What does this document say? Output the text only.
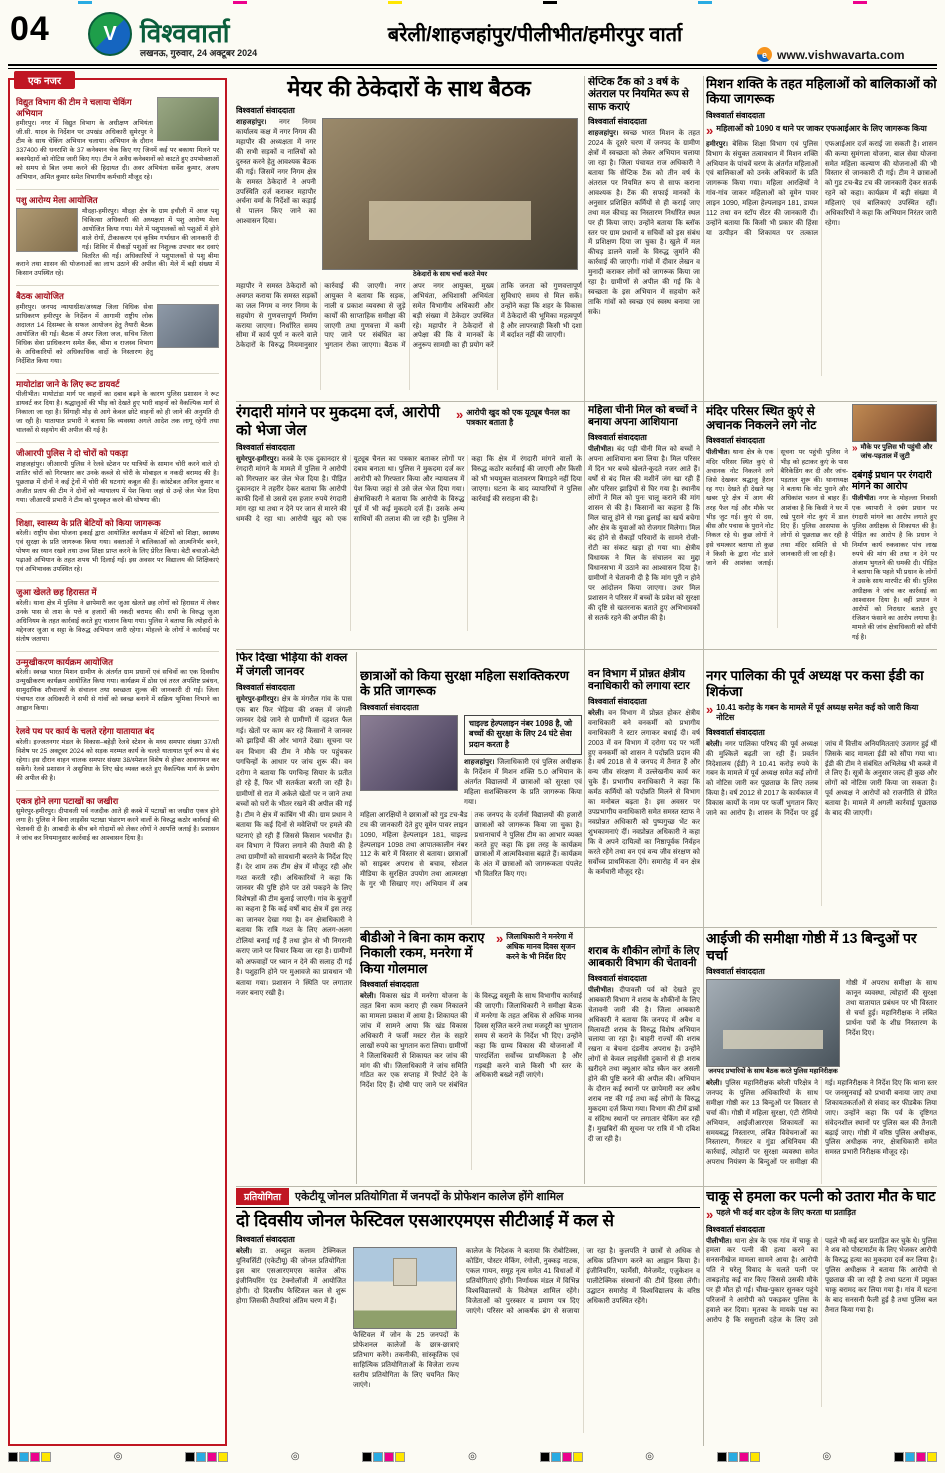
04	V विश्ववार्ता
लखनऊ, गुरुवार, 24 अक्टूबर 2024
बरेली/शाहजहांपुर/पीलीभीत/हमीरपुर वार्ता
e www.vishwavarta.com
एक नजर
विद्युत विभाग की टीम ने चलाया चेकिंग अभियान
हमीरपुर। नगर में विद्युत विभाग के अधीक्षण अभियंता जी.सी. यादव के निर्देशन पर उपखंड अधिकारी सुमेरपुर ने टीम के साथ चेकिंग अभियान चलाया। अभियान के दौरान 337400 की धनराशि के 37 कनेक्शन चेक किए गए जिनमें कई पर बकाया मिलने पर बकायेदारों को नोटिस जारी किए गए। टीम ने अवैध कनेक्शनों को काटते हुए उपभोक्ताओं को समय से बिल जमा करने की हिदायत दी। अवर अभियंता सर्वेश कुमार, अजय अभियान, अमित कुमार समेत विभागीय कर्मचारी मौजूद रहे।
पशु आरोग्य मेला आयोजित
मौदहा-हमीरपुर। मौदहा क्षेत्र के ग्राम इचौली में आज पशु चिकित्सा अधिकारी की अध्यक्षता में पशु आरोग्य मेला आयोजित किया गया। मेले में पशुपालकों को पशुओं में होने वाले रोगों, टीकाकरण एवं कृत्रिम गर्भाधान की जानकारी दी गई। शिविर में सैकड़ों पशुओं का निशुल्क उपचार कर दवाएं वितरित की गईं। अधिकारियों ने पशुपालकों से पशु बीमा कराने तथा शासन की योजनाओं का लाभ उठाने की अपील की। मेले में बड़ी संख्या में किसान उपस्थित रहे।
बैठक आयोजित
हमीरपुर। जनपद न्यायाधीश/अध्यक्ष जिला विधिक सेवा प्राधिकरण हमीरपुर के निर्देशन में आगामी राष्ट्रीय लोक अदालत 14 दिसम्बर के सफल आयोजन हेतु तैयारी बैठक आयोजित की गई। बैठक में अपर जिला जज, सचिव जिला विधिक सेवा प्राधिकरण समेत बैंक, बीमा व राजस्व विभाग के अधिकारियों को अधिकाधिक वादों के निस्तारण हेतु निर्देशित किया गया।
मायोटांडा जाने के लिए रूट डायवर्ट
पीलीभीत। मायोटांडा मार्ग पर वाहनों का दबाव बढ़ने के कारण पुलिस प्रशासन ने रूट डायवर्ट कर दिया है। श्रद्धालुओं की भीड़ को देखते हुए भारी वाहनों को वैकल्पिक मार्ग से निकाला जा रहा है। सिंगाही मोड़ से आगे केवल छोटे वाहनों को ही जाने की अनुमति दी जा रही है। यातायात प्रभारी ने बताया कि व्यवस्था अगले आदेश तक लागू रहेगी तथा चालकों से सहयोग की अपील की गई है।
जीआरपी पुलिस ने दो चोरों को पकड़ा
शाहजहांपुर। जीआरपी पुलिस ने रेलवे स्टेशन पर यात्रियों के सामान चोरी करने वाले दो शातिर चोरों को गिरफ्तार कर उनके कब्जे से चोरी के मोबाइल व नकदी बरामद की है। पूछताछ में दोनों ने कई ट्रेनों में चोरी की घटनाएं कबूल की हैं। कांस्टेबल अनिल कुमार व अजीत प्रताप की टीम ने दोनों को न्यायालय में पेश किया जहां से उन्हें जेल भेज दिया गया। जीआरपी प्रभारी ने टीम को पुरस्कृत करने की घोषणा की।
शिक्षा, स्वास्थ्य के प्रति बेटियों को किया जागरूक
बरेली। राष्ट्रीय सेवा योजना इकाई द्वारा आयोजित कार्यक्रम में बेटियों को शिक्षा, स्वास्थ्य एवं सुरक्षा के प्रति जागरूक किया गया। वक्ताओं ने बालिकाओं को आत्मनिर्भर बनने, पोषण का ध्यान रखने तथा उच्च शिक्षा प्राप्त करने के लिए प्रेरित किया। बेटी बचाओ-बेटी पढ़ाओ अभियान के तहत शपथ भी दिलाई गई। इस अवसर पर विद्यालय की शिक्षिकाएं एवं अभिभावक उपस्थित रहे।
जुआ खेलते छह हिरासत में
बरेली। थाना क्षेत्र में पुलिस ने छापेमारी कर जुआ खेलते छह लोगों को हिरासत में लेकर उनके पास से ताश के पत्ते व हजारों की नकदी बरामद की। सभी के विरुद्ध जुआ अधिनियम के तहत कार्रवाई करते हुए चालान किया गया। पुलिस ने बताया कि त्योहारों के मद्देनजर जुआ व सट्टा के विरुद्ध अभियान जारी रहेगा। मोहल्ले के लोगों ने कार्रवाई पर संतोष जताया।
उन्मुखीकरण कार्यक्रम आयोजित
बरेली। स्वच्छ भारत मिशन ग्रामीण के अंतर्गत ग्राम प्रधानों एवं सचिवों का एक दिवसीय उन्मुखीकरण कार्यक्रम आयोजित किया गया। कार्यक्रम में ठोस एवं तरल अपशिष्ट प्रबंधन, सामुदायिक शौचालयों के संचालन तथा स्वच्छता शुल्क की जानकारी दी गई। जिला पंचायत राज अधिकारी ने सभी से गांवों को स्वच्छ बनाने में सक्रिय भूमिका निभाने का आह्वान किया।
रेलवे पथ पर कार्य के चलते रहेगा यातायात बंद
बरेली। इज्जतनगर मंडल के विकास–बहेड़ी रेलवे स्टेशन के मध्य समपार संख्या 37/सी विशेष पर 25 अक्टूबर 2024 को सड़क मरम्मत कार्य के चलते यातायात पूर्ण रूप से बंद रहेगा। इस दौरान वाहन चालक समपार संख्या 38/स्पेशल विशेष से होकर आवागमन कर सकेंगे। रेलवे प्रशासन ने असुविधा के लिए खेद व्यक्त करते हुए वैकल्पिक मार्ग के प्रयोग की अपील की है।
एकत्र होने लगा पटाखों का जखीरा
सुमेरपुर-हमीरपुर। दीपावली पर्व नजदीक आते ही कस्बे में पटाखों का जखीरा एकत्र होने लगा है। पुलिस ने बिना लाइसेंस पटाखा भंडारण करने वालों के विरुद्ध कठोर कार्रवाई की चेतावनी दी है। आबादी के बीच बने गोदामों को लेकर लोगों ने आपत्ति जताई है। प्रशासन ने जांच कर नियमानुसार कार्रवाई का आश्वासन दिया है।
मेयर की ठेकेदारों के साथ बैठक
विश्ववार्ता संवाददाता

शाहजहांपुर। नगर निगम कार्यालय कक्ष में नगर निगम की महापौर की अध्यक्षता में नगर की सभी सड़कों व नालियों को दुरुस्त करने हेतु आवश्यक बैठक की गई। जिसमें नगर निगम क्षेत्र के समस्त ठेकेदारों ने अपनी उपस्थिति दर्ज कराकर महापौर अर्चना वर्मा के निर्देशों का कड़ाई से पालन किए जाने का आश्वासन दिया।

ठेकेदारों के साथ चर्चा करते मेयर

महापौर ने समस्त ठेकेदारों को अवगत कराया कि समस्त सड़कों का जल निगम व नगर निगम के सहयोग से गुणवत्तापूर्ण निर्माण कराया जाएगा। निर्धारित समय सीमा में कार्य पूर्ण न करने वाले ठेकेदारों के विरुद्ध नियमानुसार कार्रवाई की जाएगी। नगर आयुक्त ने बताया कि सड़क, नाली व प्रकाश व्यवस्था से जुड़े कार्यों की साप्ताहिक समीक्षा की जाएगी तथा गुणवत्ता में कमी पाए जाने पर संबंधित का भुगतान रोका जाएगा। बैठक में अपर नगर आयुक्त, मुख्य अभियंता, अधिशासी अभियंता समेत विभागीय अधिकारी और बड़ी संख्या में ठेकेदार उपस्थित रहे। महापौर ने ठेकेदारों से अपेक्षा की कि वे मानकों के अनुरूप सामग्री का ही प्रयोग करें ताकि जनता को गुणवत्तापूर्ण सुविधाएं समय से मिल सकें। उन्होंने कहा कि शहर के विकास में ठेकेदारों की भूमिका महत्वपूर्ण है और लापरवाही किसी भी दशा में बर्दाश्त नहीं की जाएगी।

सेप्टिक टैंक को 3 वर्ष के अंतराल पर नियमित रूप से साफ कराएं
विश्ववार्ता संवाददाता

शाहजहांपुर। स्वच्छ भारत मिशन के तहत 2024 के दूसरे चरण में जनपद के ग्रामीण क्षेत्रों में स्वच्छता को लेकर अभियान चलाया जा रहा है। जिला पंचायत राज अधिकारी ने बताया कि सेप्टिक टैंक को तीन वर्ष के अंतराल पर नियमित रूप से साफ कराना आवश्यक है। टैंक की सफाई मानकों के अनुसार प्रशिक्षित कर्मियों से ही कराई जाए तथा मल कीचड़ का निस्तारण निर्धारित स्थल पर ही किया जाए। उन्होंने बताया कि ब्लॉक स्तर पर ग्राम प्रधानों व सचिवों को इस संबंध में प्रशिक्षण दिया जा चुका है। खुले में मल कीचड़ डालने वालों के विरुद्ध जुर्माने की कार्रवाई की जाएगी। गांवों में दीवार लेखन व मुनादी कराकर लोगों को जागरूक किया जा रहा है। ग्रामीणों से अपील की गई कि वे स्वच्छता के इस अभियान में सहयोग करें ताकि गांवों को स्वच्छ एवं स्वस्थ बनाया जा सके।

मिशन शक्ति के तहत महिलाओं को बालिकाओं को किया जागरूक
विश्ववार्ता संवाददाता
» महिलाओं को 1090 व थाने पर जाकर एफआईआर के लिए जागरूक किया

हमीरपुर। बेसिक शिक्षा विभाग एवं पुलिस विभाग के संयुक्त तत्वावधान में मिशन शक्ति अभियान के पांचवें चरण के अंतर्गत महिलाओं एवं बालिकाओं को उनके अधिकारों के प्रति जागरूक किया गया। महिला आरक्षियों ने गांव-गांव जाकर महिलाओं को वूमेन पावर लाइन 1090, महिला हेल्पलाइन 181, डायल 112 तथा वन स्टॉप सेंटर की जानकारी दी। उन्होंने बताया कि किसी भी प्रकार की हिंसा या उत्पीड़न की शिकायत पर तत्काल एफआईआर दर्ज कराई जा सकती है। शासन की कन्या सुमंगला योजना, बाल सेवा योजना समेत महिला कल्याण की योजनाओं की भी विस्तार से जानकारी दी गई। टीम ने छात्राओं को गुड टच-बैड टच की जानकारी देकर सतर्क रहने को कहा। कार्यक्रम में बड़ी संख्या में महिलाएं एवं बालिकाएं उपस्थित रहीं। अधिकारियों ने कहा कि अभियान निरंतर जारी रहेगा।

रंगदारी मांगने पर मुकदमा दर्ज, आरोपी को भेजा जेल
» आरोपी खुद को एक यूट्यूब चैनल का पत्रकार बताता है
विश्ववार्ता संवाददाता

सुमेरपुर-हमीरपुर। कस्बे के एक दुकानदार से रंगदारी मांगने के मामले में पुलिस ने आरोपी को गिरफ्तार कर जेल भेज दिया है। पीड़ित दुकानदार ने तहरीर देकर बताया कि आरोपी काफी दिनों से उससे दस हजार रुपये रंगदारी मांग रहा था तथा न देने पर जान से मारने की धमकी दे रहा था। आरोपी खुद को एक यूट्यूब चैनल का पत्रकार बताकर लोगों पर दबाव बनाता था। पुलिस ने मुकदमा दर्ज कर आरोपी को गिरफ्तार किया और न्यायालय में पेश किया जहां से उसे जेल भेज दिया गया। क्षेत्राधिकारी ने बताया कि आरोपी के विरुद्ध पूर्व में भी कई मुकदमे दर्ज हैं। उसके अन्य साथियों की तलाश की जा रही है। पुलिस ने कहा कि क्षेत्र में रंगदारी मांगने वालों के विरुद्ध कठोर कार्रवाई की जाएगी और किसी को भी भयमुक्त वातावरण बिगाड़ने नहीं दिया जाएगा। घटना के बाद व्यापारियों ने पुलिस कार्रवाई की सराहना की है।

महिला चीनी मिल को बच्चों ने बनाया अपना आशियाना
विश्ववार्ता संवाददाता

पीलीभीत। बंद पड़ी चीनी मिल को बच्चों ने अपना आशियाना बना लिया है। मिल परिसर में दिन भर बच्चे खेलते-कूदते नजर आते हैं। वर्षों से बंद मिल की मशीनें जंग खा रही हैं और परिसर झाड़ियों से घिर गया है। स्थानीय लोगों ने मिल को पुनः चालू कराने की मांग शासन से की है। किसानों का कहना है कि मिल चालू होने से गन्ना ढुलाई का खर्च बचेगा और क्षेत्र के युवाओं को रोजगार मिलेगा। मिल बंद होने से सैकड़ों परिवारों के सामने रोजी-रोटी का संकट खड़ा हो गया था। क्षेत्रीय विधायक ने मिल के संचालन का मुद्दा विधानसभा में उठाने का आश्वासन दिया है। ग्रामीणों ने चेतावनी दी है कि मांग पूरी न होने पर आंदोलन किया जाएगा। उधर मिल प्रशासन ने परिसर में बच्चों के प्रवेश को सुरक्षा की दृष्टि से खतरनाक बताते हुए अभिभावकों से सतर्क रहने की अपील की है।

मंदिर परिसर स्थित कुएं से अचानक निकलने लगे नोट
विश्ववार्ता संवाददाता

पीलीभीत। थाना क्षेत्र के एक मंदिर परिसर स्थित कुएं से अचानक नोट निकलने लगे जिसे देखकर श्रद्धालु हैरान रह गए। देखते ही देखते यह खबर पूरे क्षेत्र में आग की तरह फैल गई और मौके पर भीड़ जुट गई। कुएं से दस, बीस और पचास के पुराने नोट निकल रहे थे। कुछ लोगों ने इसे चमत्कार बताया तो कुछ ने किसी के द्वारा नोट डाले जाने की आशंका जताई। सूचना पर पहुंची पुलिस ने भीड़ को हटाकर कुएं के पास बैरिकेडिंग कर दी और जांच-पड़ताल शुरू की। थानाध्यक्ष ने बताया कि नोट पुराने और अधिकांश चलन से बाहर हैं। आशंका है कि किसी ने घर में रखे पुराने नोट कुएं में डाल दिए हैं। पुलिस आसपास के लोगों से पूछताछ कर रही है तथा मंदिर समिति से भी जानकारी ली जा रही है।

» मौके पर पुलिस भी पहुंची और जांच-पड़ताल में जुटी
दबंगई प्रधान पर रंगदारी मांगने का आरोप

पीलीभीत। नगर के मोहल्ला निवासी एक व्यापारी ने दबंग प्रधान पर रंगदारी मांगने का आरोप लगाते हुए पुलिस अधीक्षक से शिकायत की है। पीड़ित का आरोप है कि प्रधान ने निर्माण कार्य रुकवाकर पांच लाख रुपये की मांग की तथा न देने पर अंजाम भुगतने की धमकी दी। पीड़ित ने बताया कि पहले भी प्रधान के लोगों ने उसके साथ मारपीट की थी। पुलिस अधीक्षक ने जांच कर कार्रवाई का आश्वासन दिया है। वहीं प्रधान ने आरोपों को निराधार बताते हुए रंजिशन फंसाने का आरोप लगाया है। मामले की जांच क्षेत्राधिकारी को सौंपी गई है।

फिर दिखा भेड़िया की शक्ल में जंगली जानवर
विश्ववार्ता संवाददाता

सुमेरपुर-हमीरपुर। क्षेत्र के मंगरौल गांव के पास एक बार फिर भेड़िया की शक्ल में जंगली जानवर देखे जाने से ग्रामीणों में दहशत फैल गई। खेतों पर काम कर रहे किसानों ने जानवर को झाड़ियों की ओर भागते देखा। सूचना पर वन विभाग की टीम ने मौके पर पहुंचकर पगचिन्हों के आधार पर जांच शुरू की। वन दरोगा ने बताया कि पगचिन्ह सियार के प्रतीत हो रहे हैं, फिर भी सतर्कता बरती जा रही है। ग्रामीणों से रात में अकेले खेतों पर न जाने तथा बच्चों को घरों के भीतर रखने की अपील की गई है। टीम ने क्षेत्र में कांबिंग भी की। ग्राम प्रधान ने बताया कि कई दिनों से मवेशियों पर हमले की घटनाएं हो रही हैं जिससे किसान भयभीत हैं। वन विभाग ने पिंजरा लगाने की तैयारी की है तथा ग्रामीणों को सावधानी बरतने के निर्देश दिए हैं। देर शाम तक टीम क्षेत्र में मौजूद रही और गश्त करती रही। अधिकारियों ने कहा कि जानवर की पुष्टि होने पर उसे पकड़ने के लिए विशेषज्ञों की टीम बुलाई जाएगी। गांव के बुजुर्गों का कहना है कि कई वर्षों बाद क्षेत्र में इस तरह का जानवर देखा गया है। वन क्षेत्राधिकारी ने बताया कि रात्रि गश्त के लिए अलग-अलग टोलियां बनाई गई हैं तथा ड्रोन से भी निगरानी कराए जाने पर विचार किया जा रहा है। ग्रामीणों को अफवाहों पर ध्यान न देने की सलाह दी गई है। पशुहानि होने पर मुआवजे का प्रावधान भी बताया गया। प्रशासन ने स्थिति पर लगातार नजर बनाए रखी है।

छात्राओं को किया सुरक्षा महिला सशक्तिकरण के प्रति जागरूक
विश्ववार्ता संवाददाता
चाइल्ड हेल्पलाइन नंबर 1098 है, जो बच्चों की सुरक्षा के लिए 24 घंटे सेवा प्रदान करता है

शाहजहांपुर। जिलाधिकारी एवं पुलिस अधीक्षक के निर्देशन में मिशन शक्ति 5.0 अभियान के अंतर्गत विद्यालयों में छात्राओं को सुरक्षा एवं महिला सशक्तिकरण के प्रति जागरूक किया गया।

महिला आरक्षियों ने छात्राओं को गुड टच-बैड टच की जानकारी देते हुए वूमेन पावर लाइन 1090, महिला हेल्पलाइन 181, चाइल्ड हेल्पलाइन 1098 तथा आपातकालीन नंबर 112 के बारे में विस्तार से बताया। छात्राओं को साइबर अपराध से बचाव, सोशल मीडिया के सुरक्षित उपयोग तथा आत्मरक्षा के गुर भी सिखाए गए। अभियान में अब तक जनपद के दर्जनों विद्यालयों की हजारों छात्राओं को जागरूक किया जा चुका है। प्रधानाचार्य ने पुलिस टीम का आभार व्यक्त करते हुए कहा कि इस तरह के कार्यक्रम छात्राओं में आत्मविश्वास बढ़ाते हैं। कार्यक्रम के अंत में छात्राओं को जागरूकता पंपलेट भी वितरित किए गए।

वन विभाग में प्रोन्नत क्षेत्रीय वनाधिकारी को लगाया स्टार
विश्ववार्ता संवाददाता

बरेली। वन विभाग में प्रोन्नत होकर क्षेत्रीय वनाधिकारी बने वनकर्मी को प्रभागीय वनाधिकारी ने स्टार लगाकर बधाई दी। वर्ष 2003 में वन विभाग में दरोगा पद पर भर्ती हुए वनकर्मी को शासन ने पदोन्नति प्रदान की है। वर्ष 2018 से वे जनपद में तैनात हैं और वन्य जीव संरक्षण में उल्लेखनीय कार्य कर चुके हैं। प्रभागीय वनाधिकारी ने कहा कि कर्मठ कर्मियों को पदोन्नति मिलने से विभाग का मनोबल बढ़ता है। इस अवसर पर उपप्रभागीय वनाधिकारी समेत समस्त स्टाफ ने नवप्रोन्नत अधिकारी को पुष्पगुच्छ भेंट कर शुभकामनाएं दीं। नवप्रोन्नत अधिकारी ने कहा कि वे अपने दायित्वों का निष्ठापूर्वक निर्वहन करते रहेंगे तथा वन एवं वन्य जीव संरक्षण को सर्वोच्च प्राथमिकता देंगे। समारोह में वन क्षेत्र के कर्मचारी मौजूद रहे।

नगर पालिका की पूर्व अध्यक्ष पर कसा ईडी का शिकंजा
» 10.41 करोड़ के गबन के मामले में पूर्व अध्यक्ष समेत कई को जारी किया नोटिस
विश्ववार्ता संवाददाता

बरेली। नगर पालिका परिषद की पूर्व अध्यक्ष की मुश्किलें बढ़ती जा रही हैं। प्रवर्तन निदेशालय (ईडी) ने 10.41 करोड़ रुपये के गबन के मामले में पूर्व अध्यक्ष समेत कई लोगों को नोटिस जारी कर पूछताछ के लिए तलब किया है। वर्ष 2012 से 2017 के कार्यकाल में विकास कार्यों के नाम पर फर्जी भुगतान किए जाने का आरोप है। शासन के निर्देश पर हुई जांच में वित्तीय अनियमितताएं उजागर हुई थीं जिसके बाद मामला ईडी को सौंपा गया था। ईडी की टीम ने संबंधित अभिलेख भी कब्जे में ले लिए हैं। सूत्रों के अनुसार जल्द ही कुछ और लोगों को नोटिस जारी किया जा सकता है। पूर्व अध्यक्ष ने आरोपों को राजनीति से प्रेरित बताया है। मामले में अगली कार्रवाई पूछताछ के बाद की जाएगी।

बीडीओ ने बिना काम कराए निकाली रकम, मनरेगा में किया गोलमाल
» जिलाधिकारी ने मनरेगा में अधिक मानव दिवस सृजन करने के भी निर्देश दिए
विश्ववार्ता संवाददाता

बरेली। विकास खंड में मनरेगा योजना के तहत बिना काम कराए ही रकम निकालने का मामला प्रकाश में आया है। शिकायत की जांच में सामने आया कि खंड विकास अधिकारी ने फर्जी मस्टर रोल के सहारे लाखों रुपये का भुगतान करा लिया। ग्रामीणों ने जिलाधिकारी से शिकायत कर जांच की मांग की थी। जिलाधिकारी ने जांच समिति गठित कर एक सप्ताह में रिपोर्ट देने के निर्देश दिए हैं। दोषी पाए जाने पर संबंधित के विरुद्ध वसूली के साथ विभागीय कार्रवाई की जाएगी। जिलाधिकारी ने समीक्षा बैठक में मनरेगा के तहत अधिक से अधिक मानव दिवस सृजित करने तथा मजदूरी का भुगतान समय से कराने के निर्देश भी दिए। उन्होंने कहा कि ग्राम्य विकास की योजनाओं में पारदर्शिता सर्वोच्च प्राथमिकता है और गड़बड़ी करने वाले किसी भी स्तर के अधिकारी बख्शे नहीं जाएंगे।

शराब के शौकीन लोगों के लिए आबकारी विभाग की चेतावनी
विश्ववार्ता संवाददाता

पीलीभीत। दीपावली पर्व को देखते हुए आबकारी विभाग ने शराब के शौकीनों के लिए चेतावनी जारी की है। जिला आबकारी अधिकारी ने बताया कि जनपद में अवैध व मिलावटी शराब के विरुद्ध विशेष अभियान चलाया जा रहा है। बाहरी राज्यों की शराब रखना व बेचना दंडनीय अपराध है। उन्होंने लोगों से केवल लाइसेंसी दुकानों से ही शराब खरीदने तथा क्यूआर कोड स्कैन कर असली होने की पुष्टि करने की अपील की। अभियान के दौरान कई स्थानों पर छापेमारी कर अवैध शराब नष्ट की गई तथा कई लोगों के विरुद्ध मुकदमा दर्ज किया गया। विभाग की टीमें ढाबों व संदिग्ध स्थानों पर लगातार चेकिंग कर रही हैं। मुखबिरों की सूचना पर रात्रि में भी दबिश दी जा रही है।

आईजी की समीक्षा गोष्ठी में 13 बिन्दुओं पर चर्चा
विश्ववार्ता संवाददाता
जनपद प्रभारियों के साथ बैठक करते पुलिस महानिरीक्षक

गोष्ठी में अपराध समीक्षा के साथ कानून व्यवस्था, त्योहारों की सुरक्षा तथा यातायात प्रबंधन पर भी विस्तार से चर्चा हुई। महानिरीक्षक ने लंबित प्रार्थना पत्रों के शीघ्र निस्तारण के निर्देश दिए।

बरेली। पुलिस महानिरीक्षक बरेली परिक्षेत्र ने जनपद के पुलिस अधिकारियों के साथ समीक्षा गोष्ठी कर 13 बिन्दुओं पर विस्तार से चर्चा की। गोष्ठी में महिला सुरक्षा, एंटी रोमियो अभियान, आईजीआरएस शिकायतों का समयबद्ध निस्तारण, लंबित विवेचनाओं का निस्तारण, गैंगस्टर व गुंडा अधिनियम की कार्रवाई, त्योहारों पर सुरक्षा व्यवस्था समेत अपराध नियंत्रण के बिन्दुओं पर समीक्षा की गई। महानिरीक्षक ने निर्देश दिए कि थाना स्तर पर जनसुनवाई को प्रभावी बनाया जाए तथा शिकायतकर्ताओं से संवाद कर फीडबैक लिया जाए। उन्होंने कहा कि पर्व के दृष्टिगत संवेदनशील स्थानों पर पुलिस बल की तैनाती बढ़ाई जाए। गोष्ठी में वरिष्ठ पुलिस अधीक्षक, पुलिस अधीक्षक नगर, क्षेत्राधिकारी समेत समस्त प्रभारी निरीक्षक मौजूद रहे।

प्रतियोगिता	एकेटीयू जोनल प्रतियोगिता में जनपदों के प्रोफेशन कालेज होंगे शामिल
दो दिवसीय जोनल फेस्टिवल एसआरएमएस सीटीआई में कल से
विश्ववार्ता संवाददाता

बरेली। डा. अब्दुल कलाम टेक्निकल यूनिवर्सिटी (एकेटीयू) की जोनल प्रतियोगिता इस बार एसआरएमएस कालेज ऑफ इंजीनियरिंग एंड टेक्नोलॉजी में आयोजित होगी। दो दिवसीय फेस्टिवल कल से शुरू होगा जिसकी तैयारियां अंतिम चरण में हैं।

फेस्टिवल में जोन के 25 जनपदों के प्रोफेशनल कालेजों के छात्र-छात्राएं प्रतिभाग करेंगे। तकनीकी, सांस्कृतिक एवं साहित्यिक प्रतियोगिताओं के विजेता राज्य स्तरीय प्रतियोगिता के लिए चयनित किए जाएंगे।

कालेज के निदेशक ने बताया कि रोबोटिक्स, कोडिंग, पोस्टर मेकिंग, रंगोली, नुक्कड़ नाटक, एकल गायन, समूह नृत्य समेत 41 विधाओं में प्रतियोगिताएं होंगी। निर्णायक मंडल में विभिन्न विश्वविद्यालयों के विशेषज्ञ शामिल रहेंगे। विजेताओं को पुरस्कार व प्रमाण पत्र दिए जाएंगे। परिसर को आकर्षक ढंग से सजाया जा रहा है। कुलपति ने छात्रों से अधिक से अधिक प्रतिभाग करने का आह्वान किया है। इंजीनियरिंग, फार्मेसी, मैनेजमेंट, एजुकेशन व पालीटेक्निक संस्थानों की टीमें हिस्सा लेंगी। उद्घाटन समारोह में विश्वविद्यालय के वरिष्ठ अधिकारी उपस्थित रहेंगे।

चाकू से हमला कर पत्नी को उतारा मौत के घाट
» पहले भी कई बार दहेज के लिए करता था प्रताड़ित
विश्ववार्ता संवाददाता

पीलीभीत। थाना क्षेत्र के एक गांव में चाकू से हमला कर पत्नी की हत्या करने का सनसनीखेज मामला सामने आया है। आरोपी पति ने घरेलू विवाद के चलते पत्नी पर ताबड़तोड़ कई वार किए जिससे उसकी मौके पर ही मौत हो गई। चीख-पुकार सुनकर पहुंचे परिजनों ने आरोपी को पकड़कर पुलिस के हवाले कर दिया। मृतका के मायके पक्ष का आरोप है कि ससुराली दहेज के लिए उसे पहले भी कई बार प्रताड़ित कर चुके थे। पुलिस ने शव को पोस्टमार्टम के लिए भेजकर आरोपी के विरुद्ध हत्या का मुकदमा दर्ज कर लिया है। पुलिस अधीक्षक ने बताया कि आरोपी से पूछताछ की जा रही है तथा घटना में प्रयुक्त चाकू बरामद कर लिया गया है। गांव में घटना के बाद सनसनी फैली हुई है तथा पुलिस बल तैनात किया गया है।

◎	◎	◎	◎	◎
